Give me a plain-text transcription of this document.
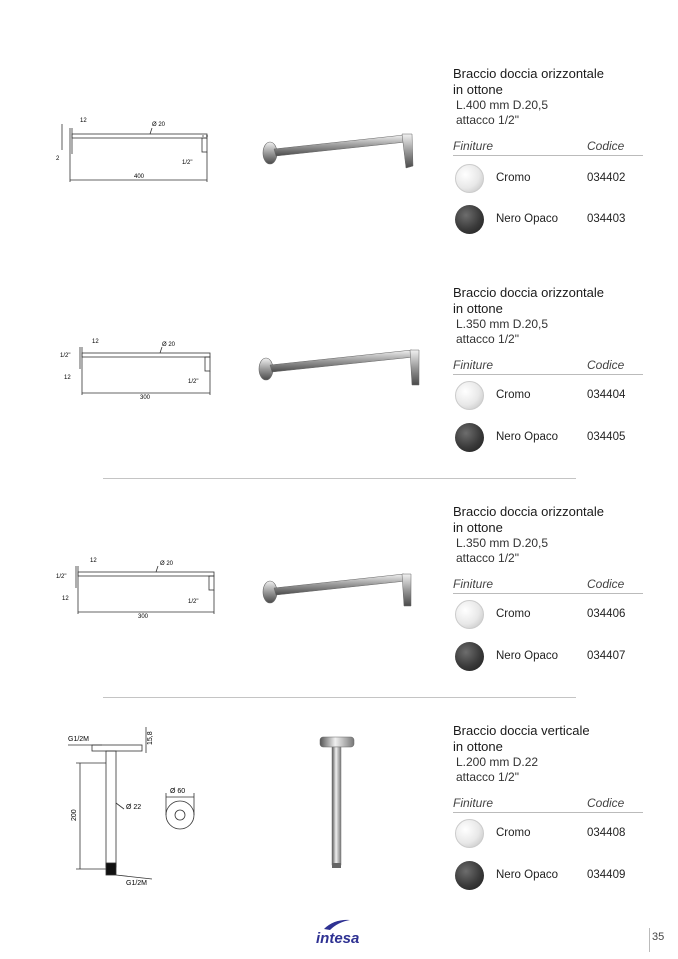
12
Ø 20
2
1/2"
400
Braccio doccia orizzontale
in ottone
L.400 mm D.20,5
attacco 1/2"
Finiture	Codice
Cromo	034402
Nero Opaco	034403
12	Ø 20
1/2"
12
1/2"
300
Braccio doccia orizzontale
in ottone
L.350 mm D.20,5
attacco 1/2"
Finiture	Codice
Cromo	034404
Nero Opaco	034405
12	Ø 20
1/2"
12	1/2"
300
Braccio doccia orizzontale
in ottone
L.350 mm D.20,5
attacco 1/2"
Finiture	Codice
Cromo	034406
Nero Opaco	034407
G1/2M	15,8
200
Ø 22
G1/2M
Ø 60
Braccio doccia verticale
in ottone
L.200 mm D.22
attacco 1/2"
Finiture	Codice
Cromo	034408
Nero Opaco	034409
intesa	35
